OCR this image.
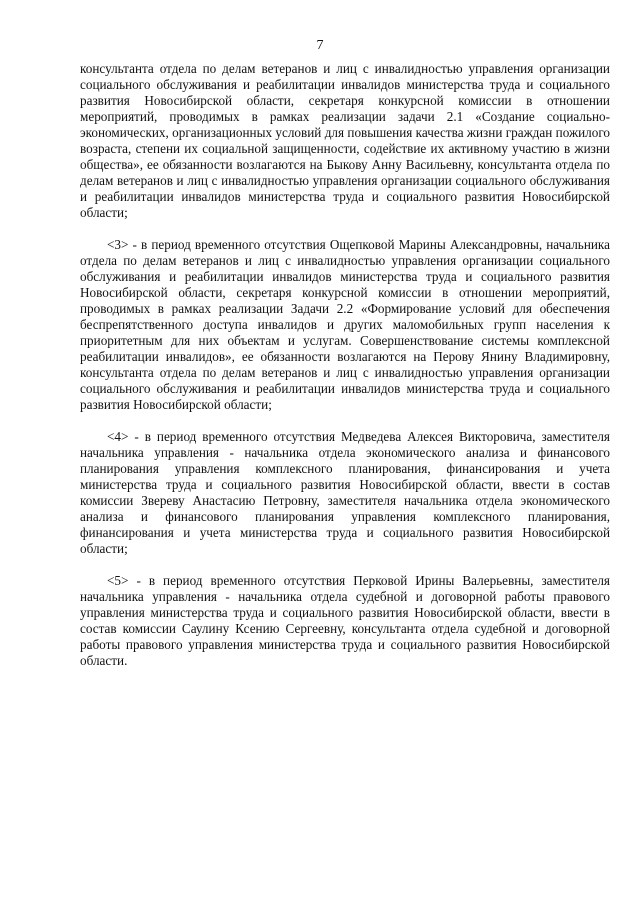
7

консультанта отдела по делам ветеранов и лиц с инвалидностью управления организации социального обслуживания и реабилитации инвалидов министерства труда и социального развития Новосибирской области, секретаря конкурсной комиссии в отношении мероприятий, проводимых в рамках реализации задачи 2.1 «Создание социально-экономических, организационных условий для повышения качества жизни граждан пожилого возраста, степени их социальной защищенности, содействие их активному участию в жизни общества», ее обязанности возлагаются на Быкову Анну Васильевну, консультанта отдела по делам ветеранов и лиц с инвалидностью управления организации социального обслуживания и реабилитации инвалидов министерства труда и социального развития Новосибирской области;

<3> - в период временного отсутствия Ощепковой Марины Александровны, начальника отдела по делам ветеранов и лиц с инвалидностью управления организации социального обслуживания и реабилитации инвалидов министерства труда и социального развития Новосибирской области, секретаря конкурсной комиссии в отношении мероприятий, проводимых в рамках реализации Задачи 2.2 «Формирование условий для обеспечения беспрепятственного доступа инвалидов и других маломобильных групп населения к приоритетным для них объектам и услугам. Совершенствование системы комплексной реабилитации инвалидов», ее обязанности возлагаются на Перову Янину Владимировну, консультанта отдела по делам ветеранов и лиц с инвалидностью управления организации социального обслуживания и реабилитации инвалидов министерства труда и социального развития Новосибирской области;

<4> - в период временного отсутствия Медведева Алексея Викторовича, заместителя начальника управления - начальника отдела экономического анализа и финансового планирования управления комплексного планирования, финансирования и учета министерства труда и социального развития Новосибирской области, ввести в состав комиссии Звереву Анастасию Петровну, заместителя начальника отдела экономического анализа и финансового планирования управления комплексного планирования, финансирования и учета министерства труда и социального развития Новосибирской области;

<5> - в период временного отсутствия Перковой Ирины Валерьевны, заместителя начальника управления - начальника отдела судебной и договорной работы правового управления министерства труда и социального развития Новосибирской области, ввести в состав комиссии Саулину Ксению Сергеевну, консультанта отдела судебной и договорной работы правового управления министерства труда и социального развития Новосибирской области.
